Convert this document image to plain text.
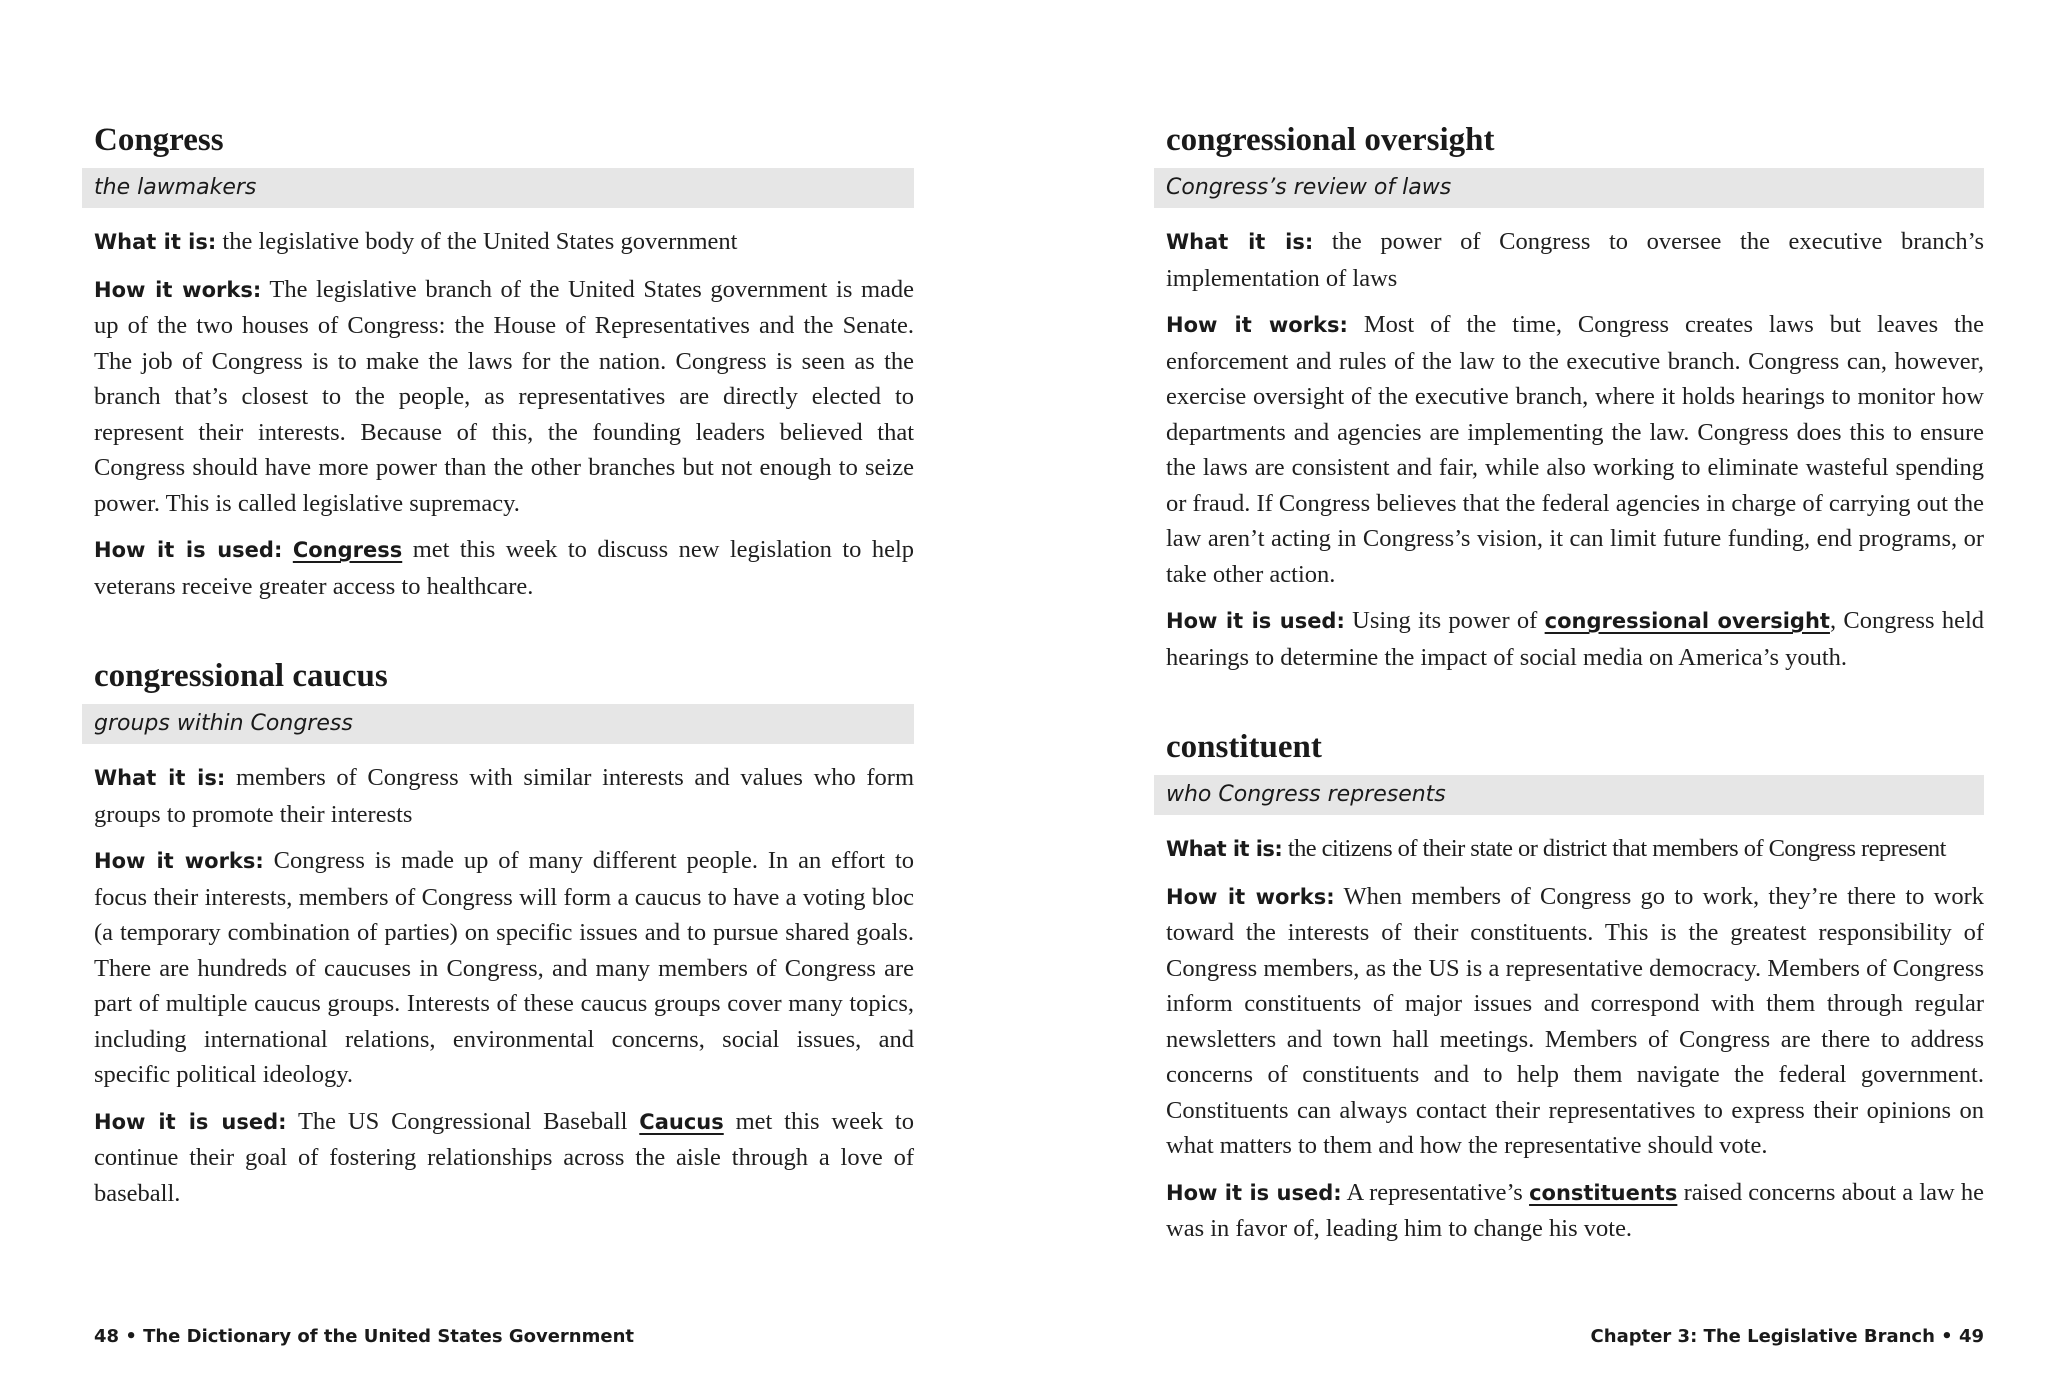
Congress
the lawmakers

What it is: the legislative body of the United States government

How it works: The legislative branch of the United States government is made up of the two houses of Congress: the House of Representatives and the Senate. The job of Congress is to make the laws for the nation. Congress is seen as the branch that’s closest to the people, as representatives are directly elected to represent their interests. Because of this, the founding leaders believed that Congress should have more power than the other branches but not enough to seize power. This is called legislative supremacy.

How it is used: Congress met this week to discuss new legislation to help veterans receive greater access to healthcare.

congressional caucus
groups within Congress

What it is: members of Congress with similar interests and values who form groups to promote their interests

How it works: Congress is made up of many different people. In an effort to focus their interests, members of Congress will form a caucus to have a voting bloc (a temporary combination of parties) on specific issues and to pursue shared goals. There are hundreds of caucuses in Congress, and many members of Congress are part of multiple caucus groups. Interests of these caucus groups cover many topics, including international relations, environmental concerns, social issues, and specific political ideology.

How it is used: The US Congressional Baseball Caucus met this week to continue their goal of fostering relationships across the aisle through a love of baseball.

congressional oversight
Congress’s review of laws

What it is: the power of Congress to oversee the executive branch’s implementation of laws

How it works: Most of the time, Congress creates laws but leaves the enforcement and rules of the law to the executive branch. Congress can, however, exercise oversight of the executive branch, where it holds hearings to monitor how departments and agencies are implementing the law. Congress does this to ensure the laws are consistent and fair, while also working to eliminate wasteful spending or fraud. If Congress believes that the federal agencies in charge of carrying out the law aren’t acting in Congress’s vision, it can limit future funding, end programs, or take other action.

How it is used: Using its power of congressional oversight, Congress held hearings to determine the impact of social media on America’s youth.

constituent
who Congress represents

What it is: the citizens of their state or district that members of Congress represent

How it works: When members of Congress go to work, they’re there to work toward the interests of their constituents. This is the greatest responsibility of Congress members, as the US is a representative democracy. Members of Congress inform constituents of major issues and correspond with them through regular newsletters and town hall meetings. Members of Congress are there to address concerns of constituents and to help them navigate the federal government. Constituents can always contact their representatives to express their opinions on what matters to them and how the representative should vote.

How it is used: A representative’s constituents raised concerns about a law he was in favor of, leading him to change his vote.

48 • The Dictionary of the United States Government	Chapter 3: The Legislative Branch • 49
